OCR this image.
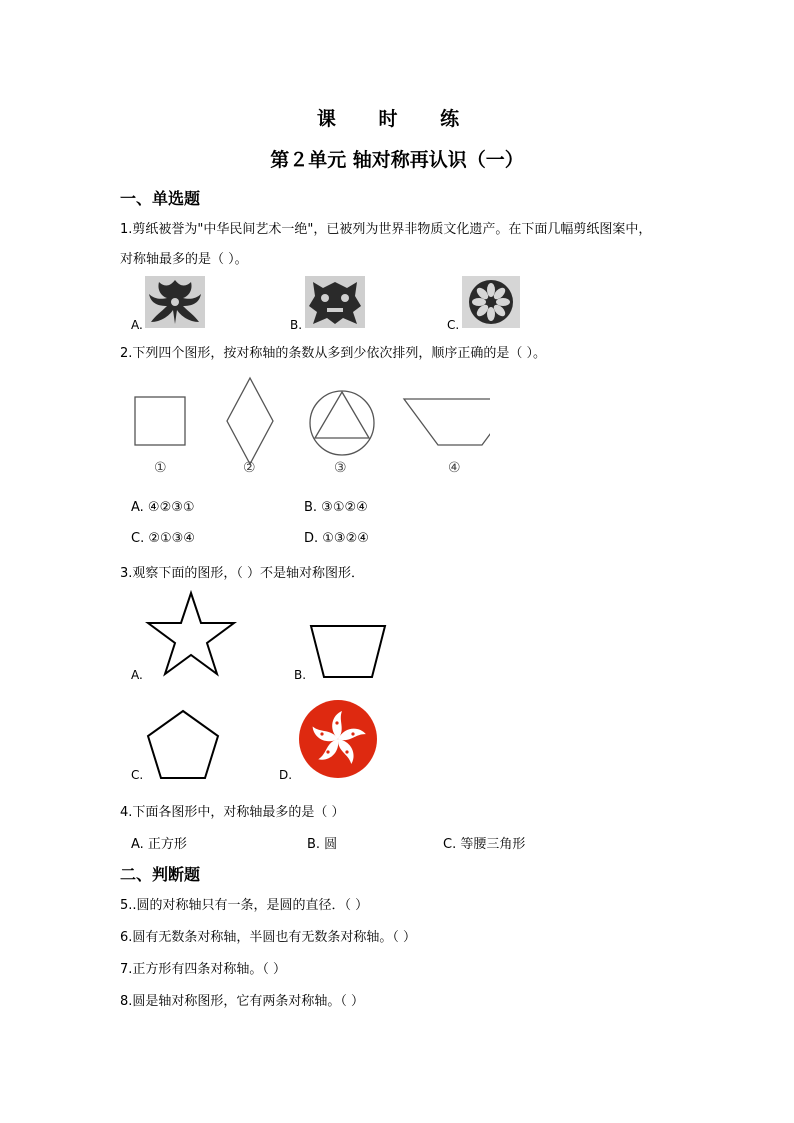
课 时 练
第２单元 轴对称再认识（一）
一、单选题
1.剪纸被誉为"中华民间艺术一绝"，已被列为世界非物质文化遗产。在下面几幅剪纸图案中，
对称轴最多的是（ ）。
A.	B.	C.
2.下列四个图形，按对称轴的条数从多到少依次排列，顺序正确的是（ ）。
①	②	③	④
A. ④②③①	B. ③①②④
C. ②①③④	D. ①③②④
3.观察下面的图形，（ ）不是轴对称图形．
A.	B.
C.	D.
4.下面各图形中，对称轴最多的是（ ）
A. 正方形	B. 圆	C. 等腰三角形
二、判断题
5..圆的对称轴只有一条，是圆的直径．（ ）
6.圆有无数条对称轴，半圆也有无数条对称轴。（ ）
7.正方形有四条对称轴。（ ）
8.圆是轴对称图形，它有两条对称轴。（ ）
